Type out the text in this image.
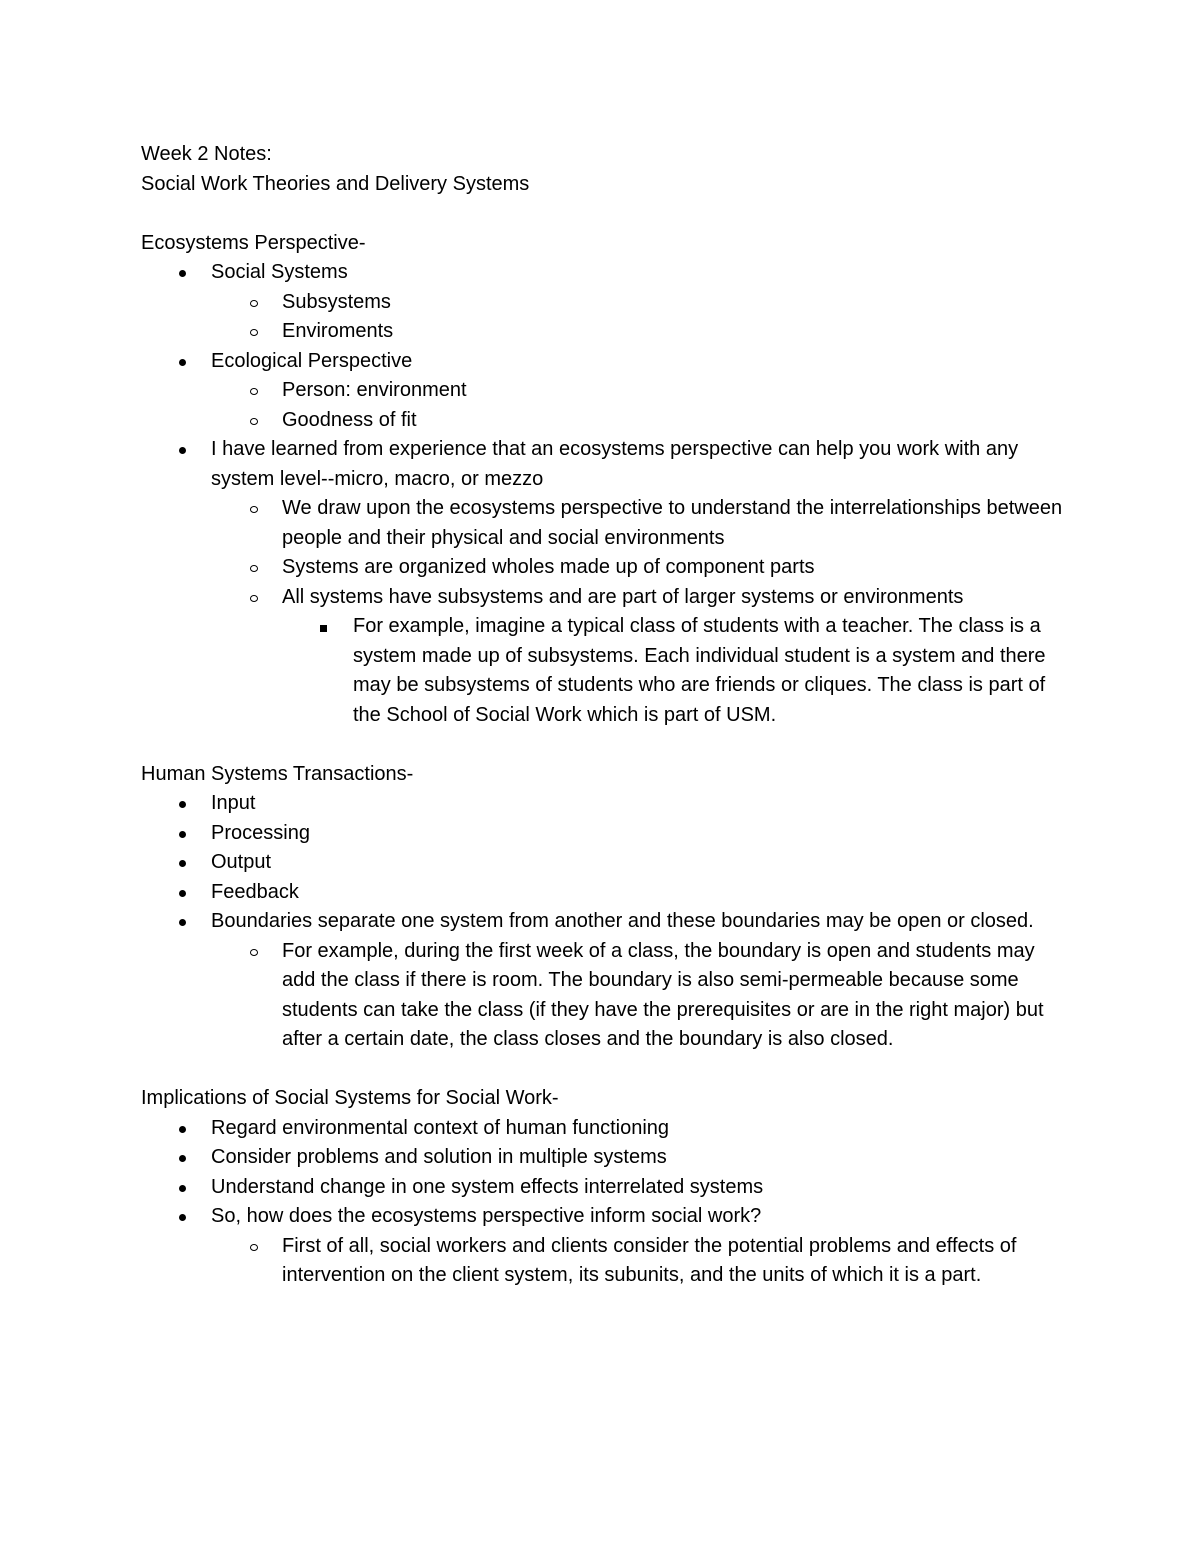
Week 2 Notes:

Social Work Theories and Delivery Systems

Ecosystems Perspective-

Social Systems
Subsystems
Enviroments
Ecological Perspective
Person: environment
Goodness of fit
I have learned from experience that an ecosystems perspective can help you work with any system level--micro, macro, or mezzo
We draw upon the ecosystems perspective to understand the interrelationships between people and their physical and social environments
Systems are organized wholes made up of component parts
All systems have subsystems and are part of larger systems or environments
For example, imagine a typical class of students with a teacher. The class is a system made up of subsystems. Each individual student is a system and there may be subsystems of students who are friends or cliques. The class is part of the School of Social Work which is part of USM.

Human Systems Transactions-

Input
Processing
Output
Feedback
Boundaries separate one system from another and these boundaries may be open or closed.
For example, during the first week of a class, the boundary is open and students may add the class if there is room. The boundary is also semi-permeable because some students can take the class (if they have the prerequisites or are in the right major) but after a certain date, the class closes and the boundary is also closed.

Implications of Social Systems for Social Work-

Regard environmental context of human functioning
Consider problems and solution in multiple systems
Understand change in one system effects interrelated systems
So, how does the ecosystems perspective inform social work?
First of all, social workers and clients consider the potential problems and effects of intervention on the client system, its subunits, and the units of which it is a part.
